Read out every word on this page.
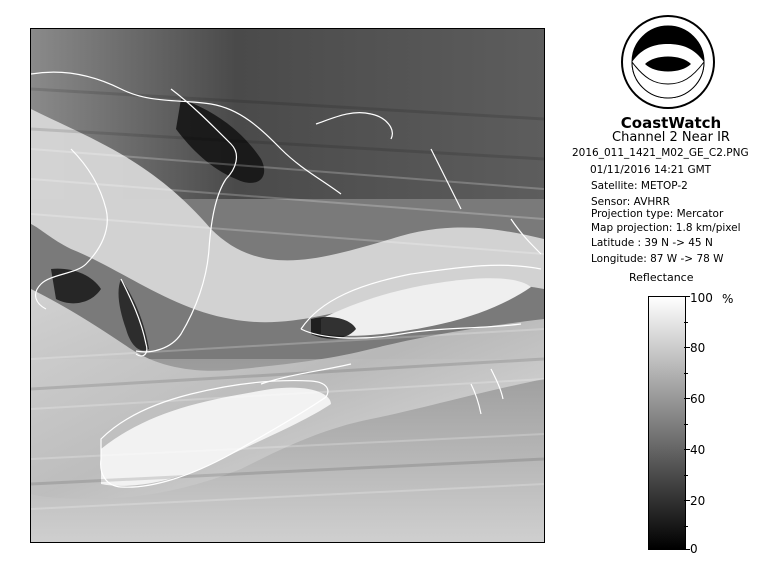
CoastWatch
Channel 2 Near IR
2016_011_1421_M02_GE_C2.PNG
01/11/2016 14:21 GMT
Satellite: METOP-2
Sensor: AVHRR
Projection type: Mercator
Map projection: 1.8 km/pixel
Latitude : 39 N -> 45 N
Longitude: 87 W -> 78 W
Reflectance
%
100
80
60
40
20
0
